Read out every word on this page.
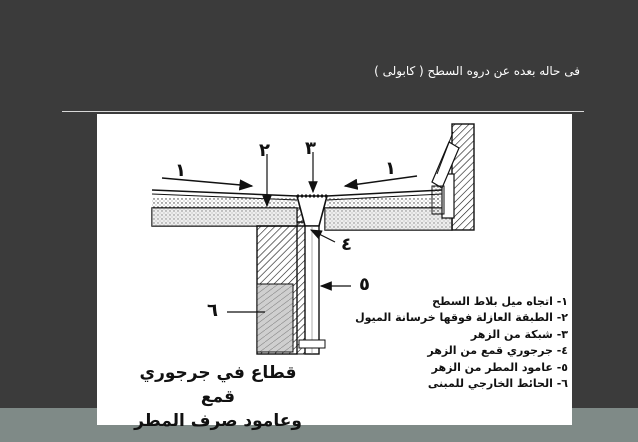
فى حاله بعده عن دروه السطح ( كابولى )
١	١
٢ ٣
٤
٥
٦	١- اتجاه ميل بلاط السطح
٢- الطبقة العازلة فوقها خرسانة الميول
٣- شبكة من الزهر
٤- جرجوري قمع من الزهر
٥- عامود المطر من الزهر
٦- الحائط الخارجي للمبنى
قطاع في جرجوري قمع
وعامود صرف المطر
